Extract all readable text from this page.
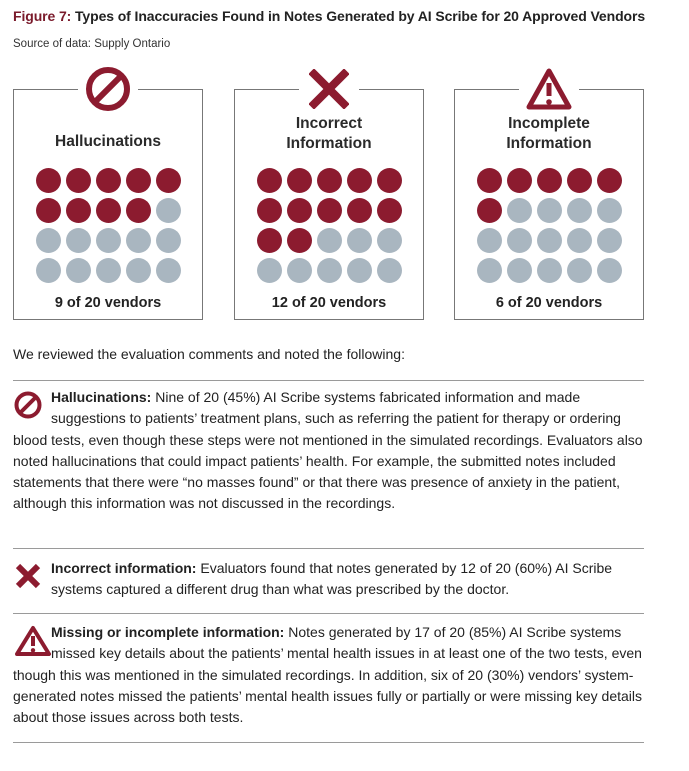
Figure 7: Types of Inaccuracies Found in Notes Generated by AI Scribe for 20 Approved Vendors
Source of data: Supply Ontario
Hallucinations
9 of 20 vendors
Incorrect
Information
12 of 20 vendors
Incomplete
Information
6 of 20 vendors
We reviewed the evaluation comments and noted the following:
Hallucinations: Nine of 20 (45%) AI Scribe systems fabricated information and made suggestions to patients’ treatment plans, such as referring the patient for therapy or ordering blood tests, even though these steps were not mentioned in the simulated recordings. Evaluators also noted hallucinations that could impact patients’ health. For example, the submitted notes included statements that there were “no masses found” or that there was presence of anxiety in the patient, although this information was not discussed in the recordings.
Incorrect information: Evaluators found that notes generated by 12 of 20 (60%) AI Scribe systems captured a different drug than what was prescribed by the doctor.
Missing or incomplete information: Notes generated by 17 of 20 (85%) AI Scribe systems missed key details about the patients’ mental health issues in at least one of the two tests, even though this was mentioned in the simulated recordings. In addition, six of 20 (30%) vendors’ system-generated notes missed the patients’ mental health issues fully or partially or were missing key details about those issues across both tests.
